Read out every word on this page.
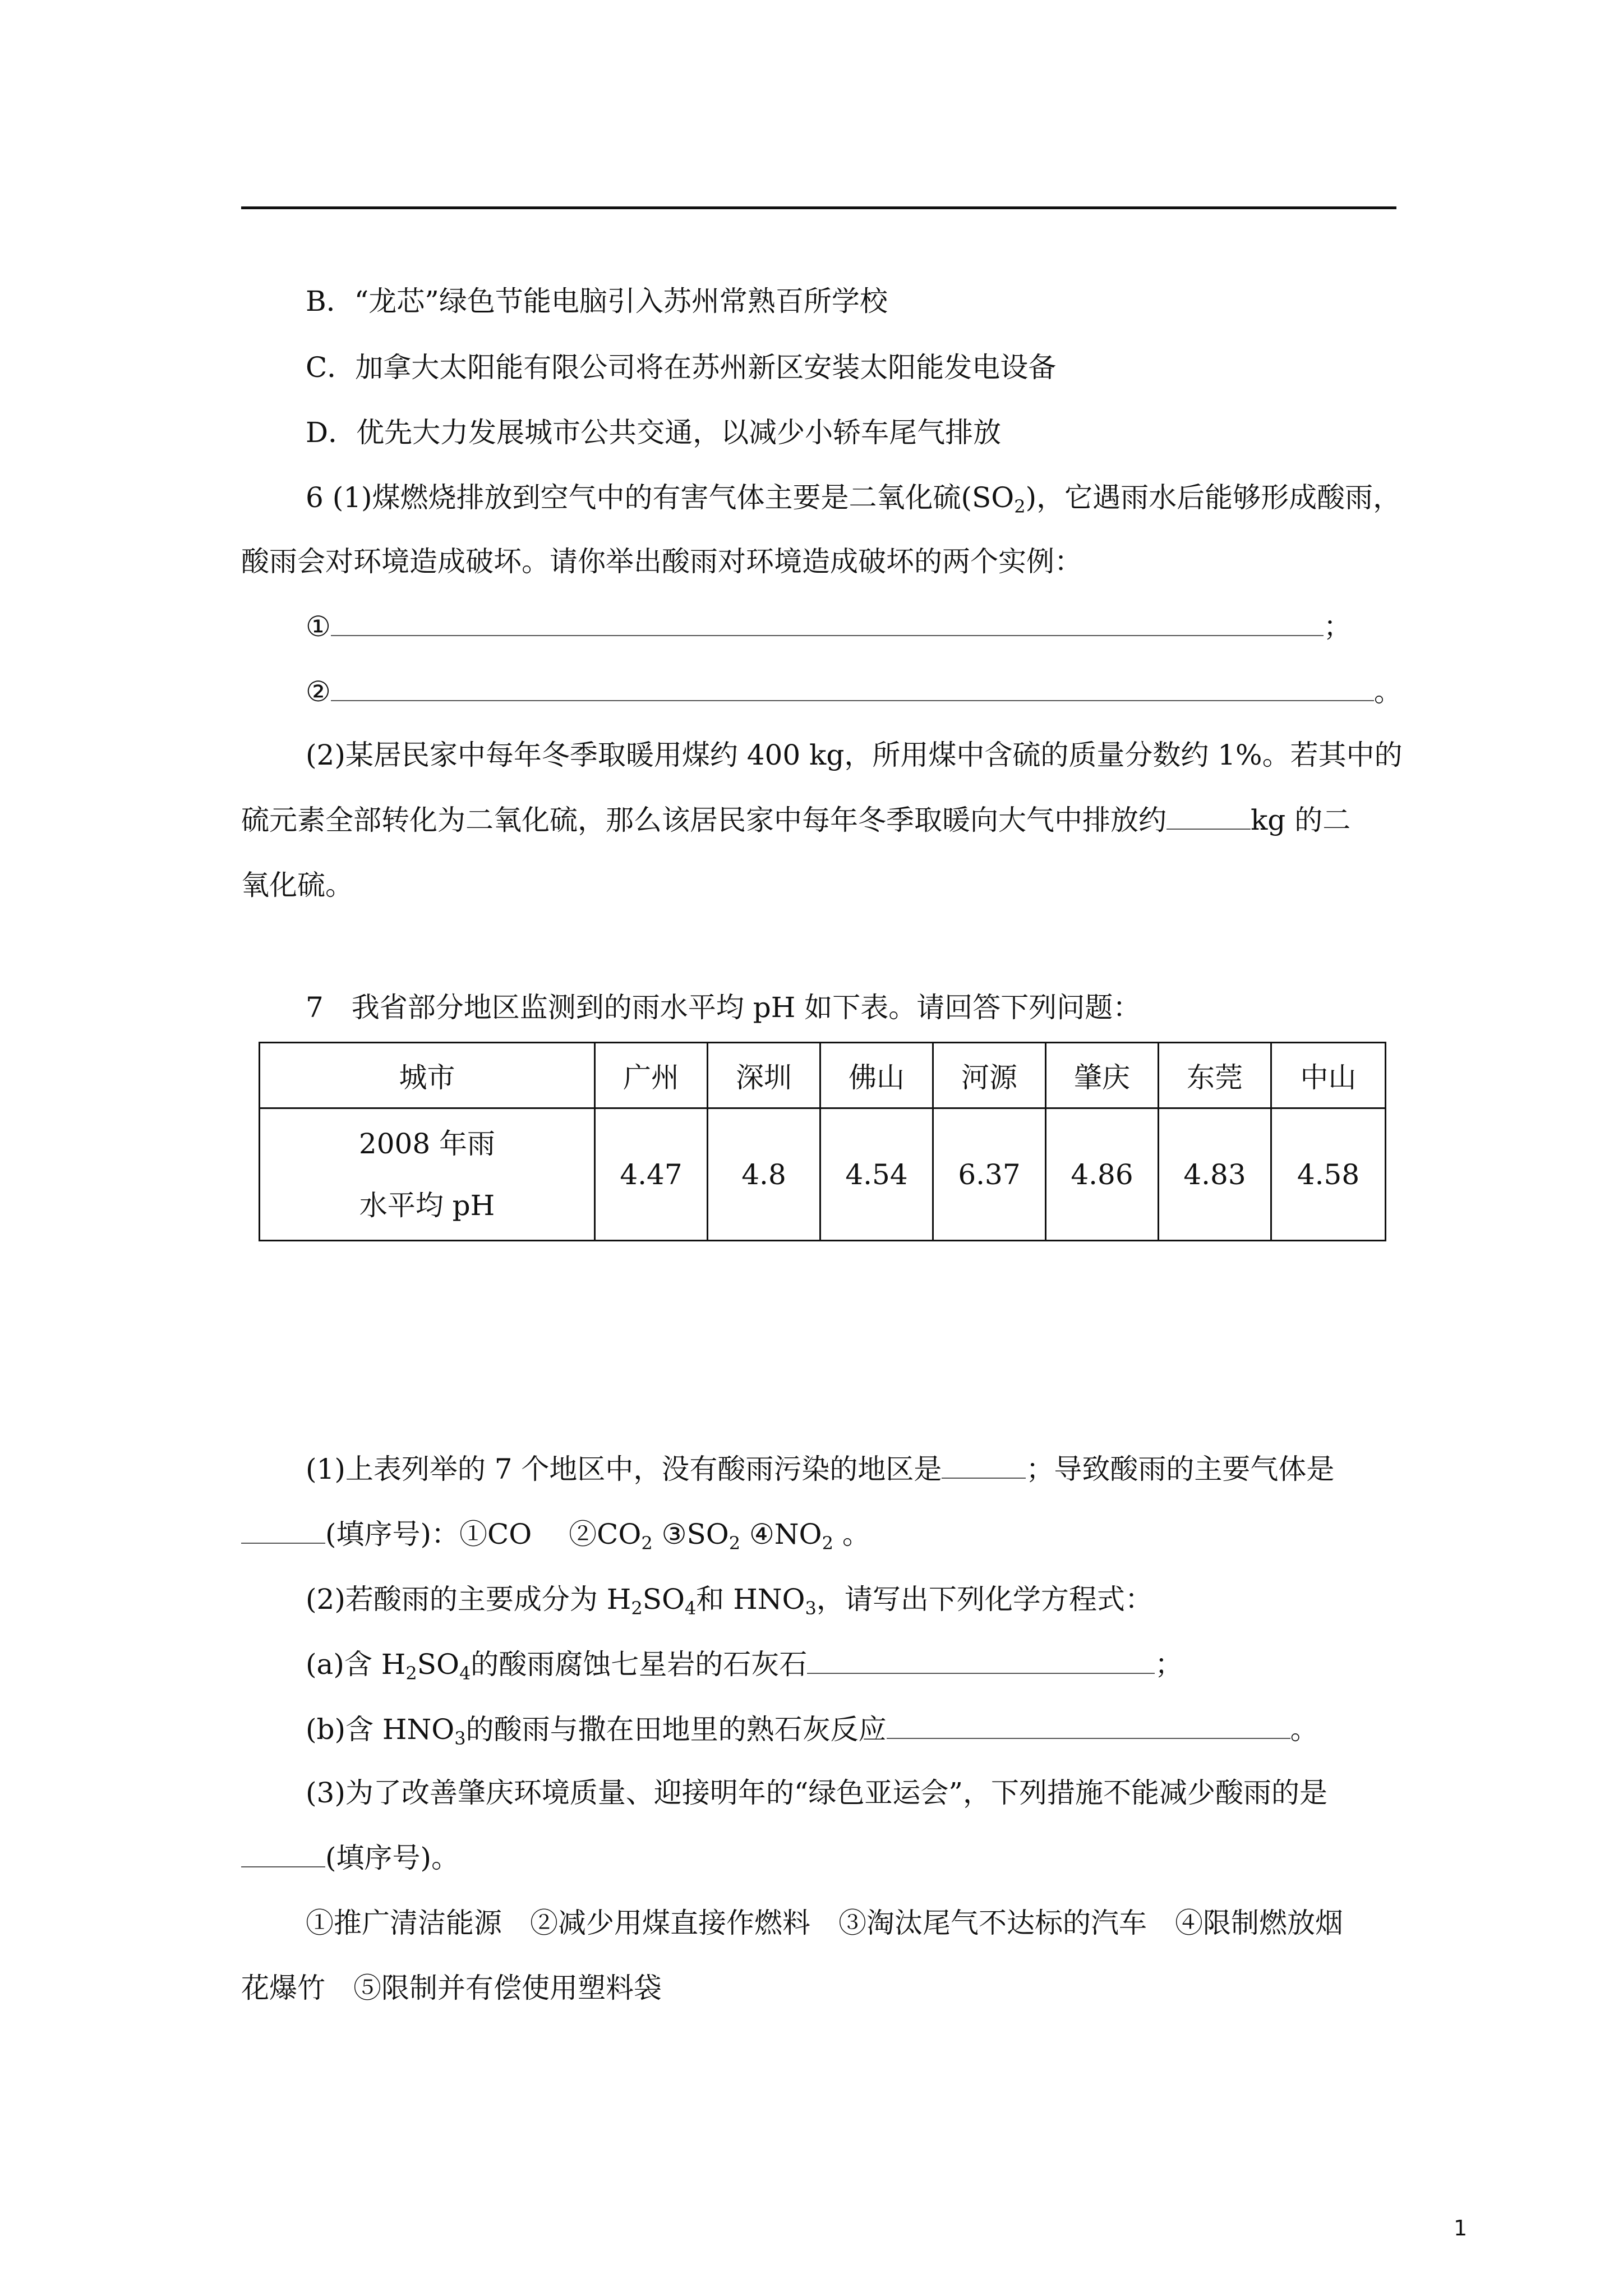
B．“龙芯”绿色节能电脑引入苏州常熟百所学校
C．加拿大太阳能有限公司将在苏州新区安装太阳能发电设备
D．优先大力发展城市公共交通，以减少小轿车尾气排放
6 (1)煤燃烧排放到空气中的有害气体主要是二氧化硫$(SO_2)$，它遇雨水后能够形成酸雨，
酸雨会对环境造成破坏。请你举出酸雨对环境造成破坏的两个实例：
①	；
②	。
(2)某居民家中每年冬季取暖用煤约 400 kg，所用煤中含硫的质量分数约 1%。若其中的
硫元素全部转化为二氧化硫，那么该居民家中每年冬季取暖向大气中排放约	kg 的二
氧化硫。
7　我省部分地区监测到的雨水平均 pH 如下表。请回答下列问题：
城市	广州	深圳	佛山	河源	肇庆	东莞	中山
2008 年雨
水平均 pH	4.47	4.8	4.54	6.37	4.86	4.83	4.58
(1)上表列举的 7 个地区中，没有酸雨污染的地区是	；导致酸雨的主要气体是
(填序号)：①CO　 $②CO_2$ $③SO_2$ $④NO_2$ 。
(2)若酸雨的主要成分为 $H_2SO_4$和 $HNO_3$，请写出下列化学方程式：
(a)含 $H_2SO_4$的酸雨腐蚀七星岩的石灰石	；
(b)含 $HNO_3$的酸雨与撒在田地里的熟石灰反应	。
(3)为了改善肇庆环境质量、迎接明年的“绿色亚运会”，下列措施不能减少酸雨的是
(填序号)。
①推广清洁能源　②减少用煤直接作燃料　③淘汰尾气不达标的汽车　④限制燃放烟
花爆竹　⑤限制并有偿使用塑料袋
1
